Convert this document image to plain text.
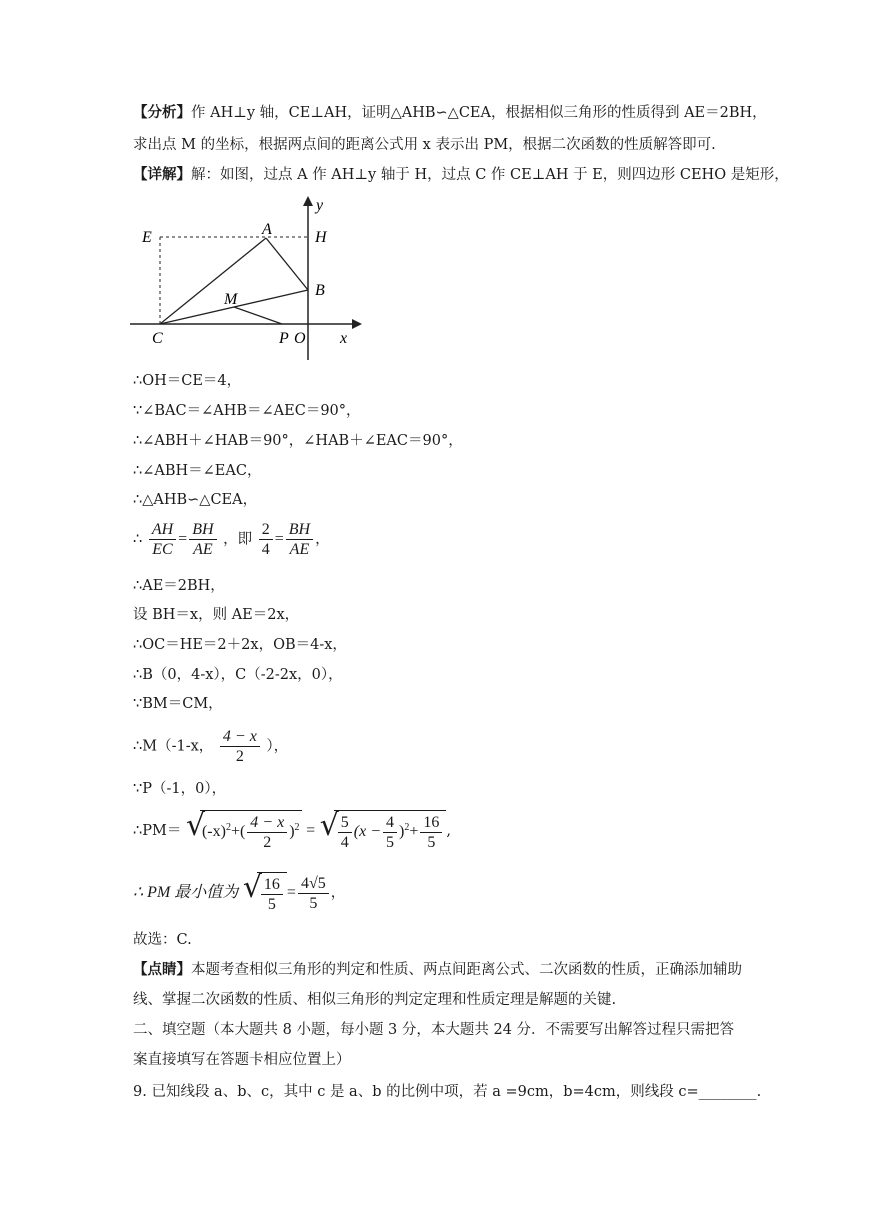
【分析】作 AH⊥y 轴，CE⊥AH，证明△AHB∽△CEA，根据相似三角形的性质得到 AE＝2BH，
求出点 M 的坐标，根据两点间的距离公式用 x 表示出 PM，根据二次函数的性质解答即可.
【详解】解：如图，过点 A 作 AH⊥y 轴于 H，过点 C 作 CE⊥AH 于 E，则四边形 CEHO 是矩形，
E	A	H
y
B
M
C	P O x
∴OH＝CE＝4，
∵∠BAC＝∠AHB＝∠AEC＝90°，
∴∠ABH＋∠HAB＝90°，∠HAB＋∠EAC＝90°，
∴∠ABH＝∠EAC，
∴△AHB∽△CEA，
∴ $\frac{AH}{EC} = \frac{BH}{AE}$ ，即 $\frac{2}{4} = \frac{BH}{AE}$ ，
∴AE＝2BH，
设 BH＝x，则 AE＝2x，
∴OC＝HE＝2＋2x，OB＝4-x，
∴B（0，4-x），C（-2-2x，0），
∵BM＝CM，
∴M（-1-x， $\frac{4 - x}{2}$ ），
∵P（-1，0），
∴PM＝ √
$(-x)^2+( \frac{4 - x}{2} )^2$ = √
$\frac{5}{4} (x - \frac{4}{5} )^2+ \frac{16}{5}$ ,
∴ PM 最小值为 √
$\frac{16}{5} = \frac{4√5}{5}$ ，
故选：C.
【点睛】本题考查相似三角形的判定和性质、两点间距离公式、二次函数的性质，正确添加辅助线、掌握二次函数的性质、相似三角形的判定定理和性质定理是解题的关键.
二、填空题（本大题共 8 小题，每小题 3 分，本大题共 24 分．不需要写出解答过程只需把答案直接填写在答题卡相应位置上）
9. 已知线段 a、b、c，其中 c 是 a、b 的比例中项，若 a =9cm，b=4cm，则线段 c=________.
